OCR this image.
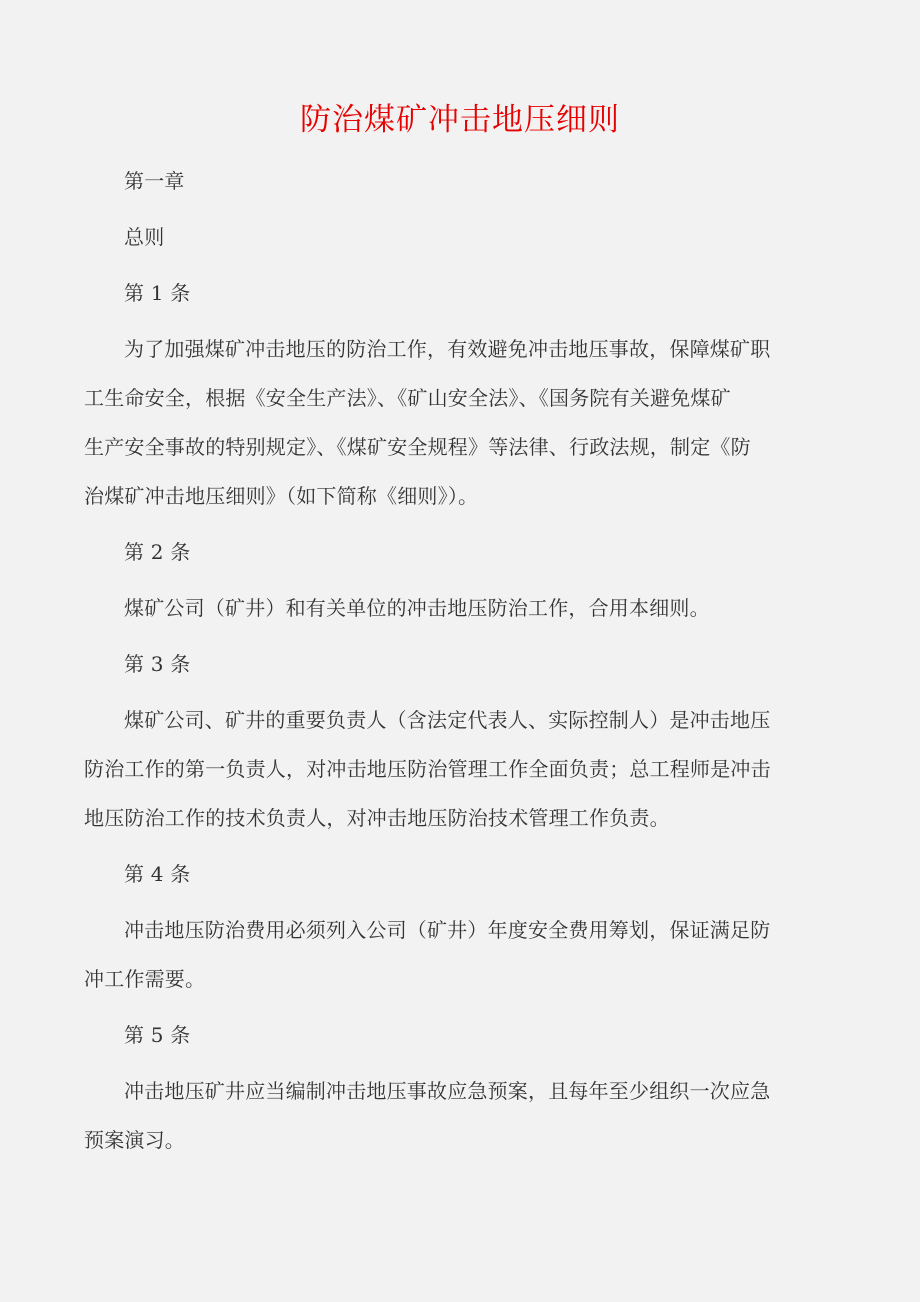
防治煤矿冲击地压细则

第一章

总则

第 1 条

为了加强煤矿冲击地压的防治工作，有效避免冲击地压事故，保障煤矿职
工生命安全，根据《安全生产法》、《矿山安全法》、《国务院有关避免煤矿
生产安全事故的特别规定》、《煤矿安全规程》等法律、行政法规，制定《防
治煤矿冲击地压细则》（如下简称《细则》）。

第 2 条

煤矿公司（矿井）和有关单位的冲击地压防治工作，合用本细则。

第 3 条

煤矿公司、矿井的重要负责人（含法定代表人、实际控制人）是冲击地压
防治工作的第一负责人，对冲击地压防治管理工作全面负责；总工程师是冲击
地压防治工作的技术负责人，对冲击地压防治技术管理工作负责。

第 4 条

冲击地压防治费用必须列入公司（矿井）年度安全费用筹划，保证满足防
冲工作需要。

第 5 条

冲击地压矿井应当编制冲击地压事故应急预案，且每年至少组织一次应急
预案演习。
